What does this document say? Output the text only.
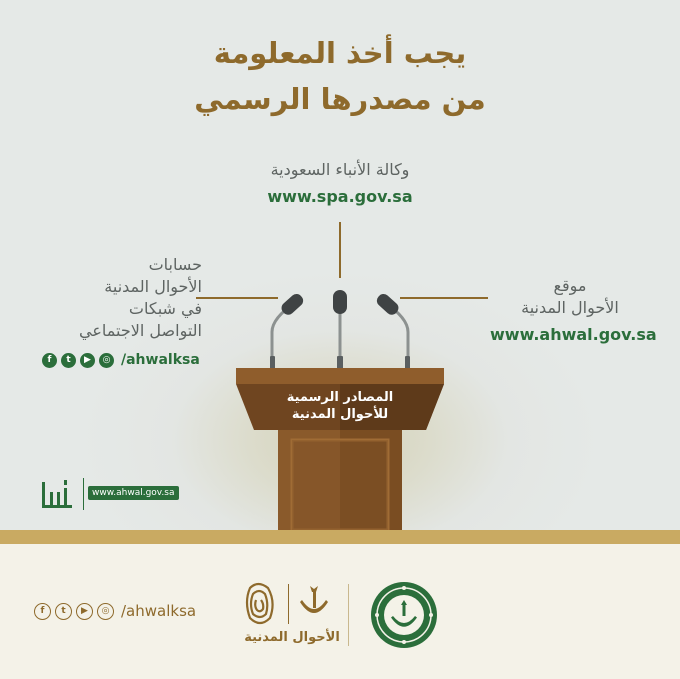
يجب أخذ المعلومة
من مصدرها الرسمي
وكالة الأنباء السعودية
www.spa.gov.sa
موقع
الأحوال المدنية
www.ahwal.gov.sa
حسابات
الأحوال المدنية
في شبكات
التواصل الاجتماعي
f	t	▶	◎ /ahwalksa
المصادر الرسمية
للأحوال المدنية
www.ahwal.gov.sa
f	t	▶	◎ /ahwalksa
الأحوال المدنية
